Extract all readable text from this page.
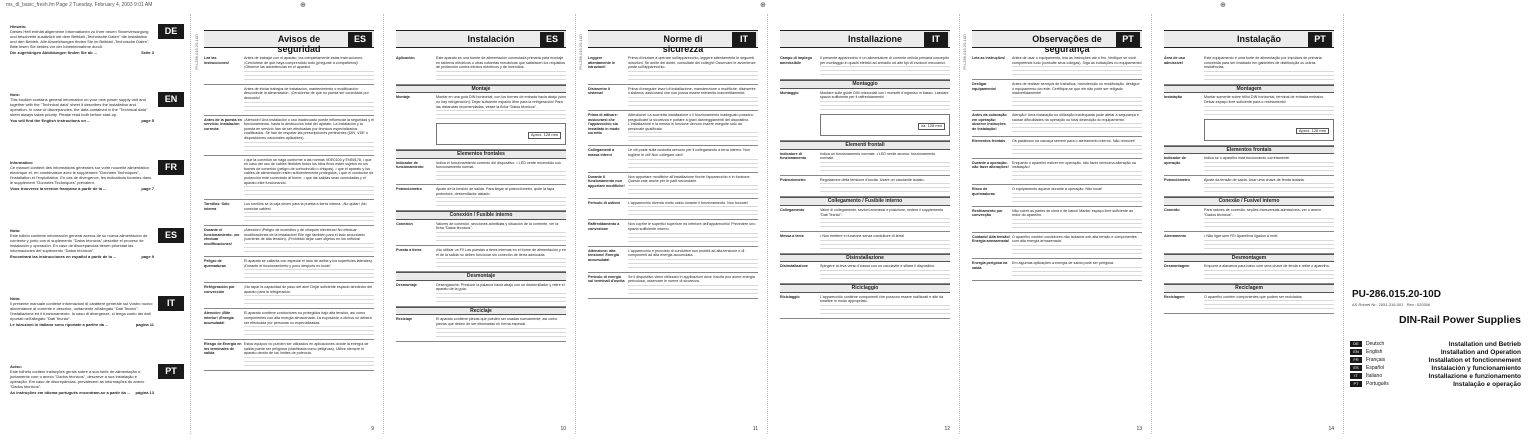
ms_dl_basic_fresh.fm Page 2 Tuesday, February 4, 2003 9:01 AM	⊕	⊕	⊕
DE
Hinweis:
Dieses Heft enthält allgemeine Informationen zu Ihrer neuen Stromversorgung und beschreibt zusätzlich mit dem Beiblatt „Technische Daten" die Installation und den Betrieb. Alle Abweichungen finden Sie im Beiblatt „Technische Daten". Bitte lesen Sie beides vor der Inbetriebnahme durch.
Die zugehörigen Abbildungen finden Sie ab ...	Seite 3
EN
Note:
This booklet contains general information on your new power supply unit and together with the "Technical data" sheet it describes the installation and operation. In case of discrepancies, the data contained in the "Technical data" sheet always takes priority. Please read both before start-up.
You will find the English instructions on ...	page 5
FR
Information:
Ce manuel contient des informations générales sur votre nouvelle alimentation électrique et, en combinaison avec le supplément "Données Techniques", l'installation et l'exploitation. En cas de divergence, les indications fournies dans le supplément "Données Techniques" prévalent.
Vous trouverez la version française à partir de la ...	page 7
ES
Nota:
Este folleto contiene información general acerca de su nueva alimentación de corriente y junto con el suplemento "Datos técnicos" describe el proceso de instalación y operación. En caso de discrepancias tienen prioridad las informaciones del suplemento "Datos técnicos".
Encontrará las instrucciones en español a partir de la ...	page 9
IT
Nota:
Il presente manuale contiene informazioni di carattere generale sul Vostro nuovo alimentatore di corrente e descrive, unitamente all'allegato "Dati Tecnici", l'installazione ed il funzionamento. In caso di divergenze, si tenga conto dei dati riportati nell'allegato "Dati Tecnici".
Le istruzioni in italiano sono riportate a partire da ...	pagina 11
PT
Aviso:
Este folheto contém instruções gerais sobre a sua fonte de alimentação e, juntamente com o anexo "Dados técnicos", descreve a sua instalação e operação. Em caso de discrepâncias, prevalecem as informações do anexo "Dados técnicos".
As instruções em idioma português encontram-se a partir da ... página 13
PU-286.015.20-10D	Avisos de seguridad
ES
Lea las instrucciones!
Antes de trabajar con el aparato, lea completamente estas instrucciones. ¡Cerciórese de que haya comprendido todo (pregunte a compañeros)! ¡Observe las advertencias en el aparato!
Antes de iniciar trabajos de instalación, mantenimiento o modificación: desconecte la alimentación. ¡Cerciórese de que no pueda ser conectada por descuido!
Antes de la puesta en servicio: Instalación correcta
¡Atención! Una instalación o uso inadecuado puede influenciar la seguridad y el funcionamiento, hasta la destrucción total del aparato. La instalación y la puesta en servicio han de ser efectuadas por técnicos especializados cualificados. Se han de respetar las prescripciones pertinentes (DIN, VDE o disposiciones nacionales aplicables).
• que la conexión se haga conforme a las normas VDE0100 y EN50178, • que en caso del uso de cables flexibles todos los hilos finos estén sujetos en los bornes de conexión (peligro de cortocircuito o chispas), • que el aparato y los cables de alimentación estén suficientemente protegidos, • que el conductor de protección esté conectado al borne, • que las salidas sean conectadas y el aparato esté funcionando.
Tornillos: Sólo interna
Los tornillos se la caja sirven para la puesta a tierra interna. ¡No quitar! ¡No conectar cables!
Durante el funcionamiento: ¡no efectuar modificaciones!
¡Atención! ¡Peligro de incendios y de choques eléctricos! No efectuar modificaciones de la instalación! Elle rige también para el lado secundario (corriente de alta tensión). ¡Prohibido dejar caer objetos en los orificios!
Peligro de quemaduras
El aparato se calienta con especial el lado de arriba y los superficies laterales). ¡Durante el funcionamiento y poco después no tocar!
Refrigeración por convección
¡No tapar la capacidad de paso del aire! Dejar suficiente espacio alrededor del aparato para la refrigeración.
Atención: ¡Bite interior! ¡Energía acumulada!
El aparato contiene conductores no protegidos bajo alta tensión, así como componentes con alta energía almacenada. La exposición a dichos no deberá ser efectuada por personas no especializadas.
Riesgo de Energía en los terminales de salida
Estos equipos no pueden ser utilizados en aplicaciones donde la energía de salida puede ser peligrosa (clasificada como peligrosa). Utilice siempre el aparato dentro de los límites de potencia.
9
Instalación	ES
Aplicación	Este aparato es una fuente de alimentación conmutada primaria para montaje en tableros eléctricos o otras cubiertas mecánicas que satisfacen los requisitos de protección contra efectos eléctricos y de incendios.
Montaje
Montaje	Montar en una guía DIN horizontal, con los bornes de entrada hacia abajo (sino no hay refrigeración). Dejar suficiente espacio libre para la refrigeración! Para las distancias recomendadas, véase la ficha "Datos técnicos".
Aprox. 128 mm
Elementos frontales
Indicador de funcionamiento
Indica el funcionamiento correcto del dispositivo. • LED verde encendido con funcionamiento normal.
Potenciómetro	Ajuste de la tensión de salida. Para llegar al potenciómetro, quite la tapa protectora, destornillador aislado.
Conexión / Fusible interno
Conexión	Valores de conexión, secciones admitidas y situación de la corriente, ver la ficha "Datos técnicos".
Puesta a tierra	¡No utilizar un FI! Las puestas a tierra internas en el borne de alimentación y en el de la salida no deben funcionar sin conexión de tierra adecuada.
Desmontaje
Desmontaje	Desenganche: Presione la palanca hacia abajo con un destornillador y retire el aparato de la guía.
Reciclaje
Reciclaje	El aparato contiene piezas que pueden ser usadas nuevamente; así como piezas que deben de ser eliminadas en forma especial.
10
PU-286.015.20-10D	Norme di sicurezza
IT
Leggere attentamente le istruzioni!
Prima di iniziare a operare sull'apparecchio, leggere attentamente le seguenti istruzioni. Se avete dei dubbi, consultate dei colleghi! Osservare le avvertenze poste sull'apparecchio.
Disinserire il sistema!
Prima di eseguire lavori di installazione, manutenzione o modifiche: disinserire il sistema, assicurarsi che non possa essere reinserito inavvertitamente.
Prima di attivare: assicurarsi che l'apparecchio sia installato in modo corretto
Attenzione! La scorretta installazione o il funzionamento inadeguato possono pregiudicare la sicurezza e portare a gravi danneggiamenti del dispositivo. L'installazione e la messa in funzione devono essere eseguite solo da personale qualificato.
Collegamenti a massa interni
Le viti poste sulla custodia servono per il collegamento a terra interno. Non togliere le viti! Non collegare cavi!
Durante il funzionamento non apportare modifiche!
Non apportare modifiche all'installazione finché l'apparecchio è in funzione. Questo vale anche per le parti secondarie.
Pericolo di ustioni	L'apparecchio diventa molto caldo durante il funzionamento. Non toccare!
Raffreddamento a convezione
Non coprire le superfici superiore ed inferiore dell'apparecchio! Prevedere uno spazio sufficiente intorno.
Attenzione: alta tensione! Energia accumulata!
L'apparecchio è provvisto di conduttori non protetti ad alta tensione e di componenti ad alta energia accumulata.
Pericolo di energia sui terminali d'uscita
Se il dispositivo viene utilizzato in applicazioni dove l'uscita può avere energia pericolosa, osservare le norme di sicurezza.
11
Installazione	IT
Campo di impiego ammissibile
Il presente apparecchio è un alimentatore di corrente cellula primaria concepito per montaggio in quadri elettrici ad armadio od altri tipi di involucri meccanici.
Montaggio
Montaggio	Montare sulle guide DIN orizzontali con i morsetti d'ingresso in basso. Lasciare spazio sufficiente per il raffreddamento!
ca. 128 mm
Elementi frontali
Indicatore di funzionamento
Indica un funzionamento normale. • LED verde acceso: funzionamento normale.
Potenziometro	Regolazione della tensione d'uscita. Usare un cacciavite isolato.
Collegamento / Fusibile interno
Collegamento	Valori di collegamento, sezioni ammessi e posizione, vedere il supplemento "Dati Tecnici".
Messa a terra	• Non mettere in funzione senza conduttore di terra!
Disinstallazione
Disinstallazione	Spingere la leva verso il basso con un cacciavite e sfilare il dispositivo.
Riciclaggio
Riciclaggio	L'apparecchio contiene componenti che possono essere riutilizzati e altri da smaltire in modo appropriato.
12
PU-286.015.20-10D	Observações de segurança
PT
Leia as instruções!	Antes de usar o equipamento, leia as instruções até o fim. Verifique se você compreende tudo (consulte seus colegas). Siga as indicações no equipamento!
Desligar equipamento!
Antes de realizar serviços de trabalhos, manutenção ou modificação, desligue o equipamento da rede. Certifique-se que ele não pode ser religado inadvertidamente!
Antes da colocação em operação: observe instruções de instalação!
Atenção! Uma instalação ou utilização inadequada pode afetar a segurança e causar dificuldades na operação ou total destruição do equipamento.
Elementos frontais	Os parafusos na carcaça servem para o aterramento interno. Não remover!
Durante a operação: não fazer alterações!
Enquanto o aparelho estiver em operação, não fazer nenhuma alteração na instalação!
Risco de queimaduras
O equipamento aquece durante a operação. Não tocar!
Resfriamento por convecção
Não cobrir as partes de cima e de baixo! Manter espaço livre suficiente ao redor do aparelho.
Cuidado! Alta tensão! Energia armazenada!
O aparelho contém condutores não isolados sob alta tensão e componentes com alta energia armazenada.
Energia perigosa na saída
Em algumas aplicações a energia de saída pode ser perigosa.
13
Instalação	PT
Área de uso admissível
Este equipamento é uma fonte de alimentação por impulsos de primária concebida para ser instalado em gabinetes de distribuição ou outras resistências.
Montagem
Instalação	Montar somente sobre trilho DIN horizontal, terminal de entrada embaixo. Deixar espaço livre suficiente para o resfriamento!
Aprox. 128 mm
Elementos frontais
Indicador de operação
Indica se o aparelho está funcionando corretamente.
Potenciômetro	Ajuste da tensão de saída. Usar uma chave de fenda isolada.
Conexão / Fusível interno
Conexão	Para valores de conexão, seções transversais admissíveis, ver o anexo "Dados técnicos".
Aterramento	• Não ligar sem FE! Aparelhos ligados à rede.
Desmontagem
Desmontagem	Empurre a alavanca para baixo com uma chave de fenda e retire o aparelho.
Reciclagem
Reciclagem	O aparelho contém componentes que podem ser reciclados.
14
PU-286.015.20-10D
AS Rohrel Nr.: 2051-316.001 Rev.: 020306
DIN-Rail Power Supplies
DE	Deutsch	Installation und Betrieb
EN	English	Installation and Operation
FR	Français	Installation et fonctionnement
ES	Español	Instalación y funcionamiento
IT	Italiano	Installazione e funzionamento
PT	Português	Instalação e operação
